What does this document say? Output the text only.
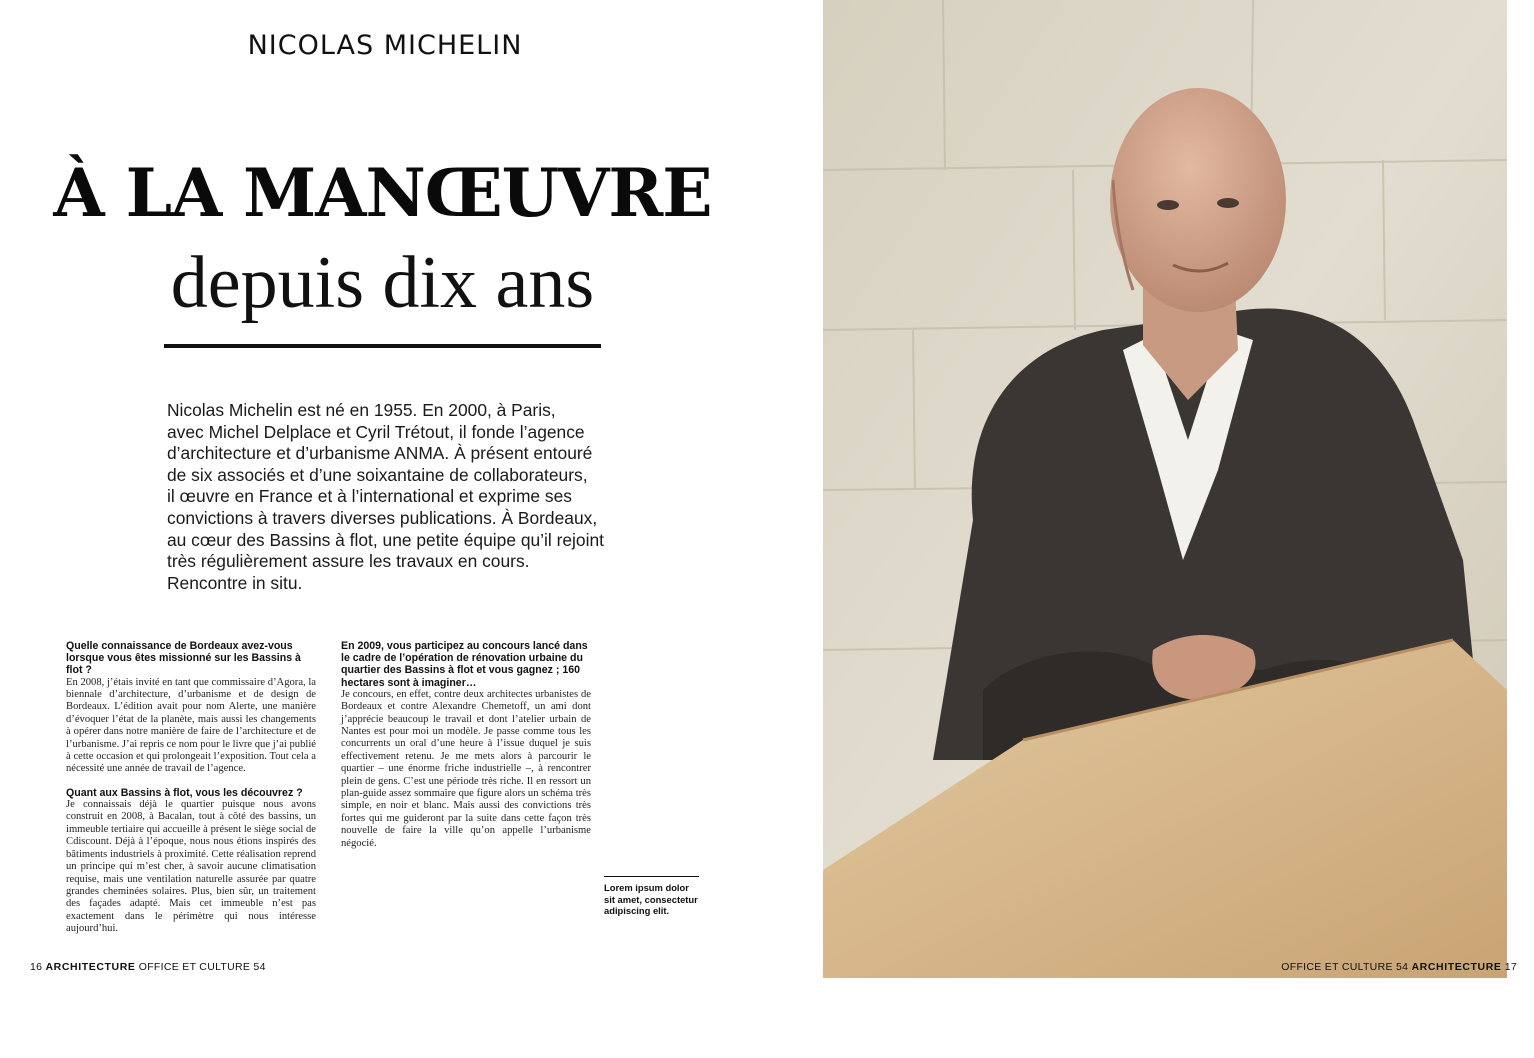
NICOLAS MICHELIN
À LA MANŒUVRE
depuis dix ans
Nicolas Michelin est né en 1955. En 2000, à Paris,
avec Michel Delplace et Cyril Trétout, il fonde l’agence
d’architecture et d’urbanisme ANMA. À présent entouré
de six associés et d’une soixantaine de collaborateurs,
il œuvre en France et à l’international et exprime ses
convictions à travers diverses publications. À Bordeaux,
au cœur des Bassins à flot, une petite équipe qu’il rejoint
très régulièrement assure les travaux en cours.
Rencontre in situ.

Quelle connaissance de Bordeaux avez-vous lorsque vous êtes missionné sur les Bassins à flot ?

En 2008, j’étais invité en tant que commissaire d’Agora, la biennale d’architecture, d’urbanisme et de design de Bordeaux. L’édition avait pour nom Alerte, une manière d’évoquer l’état de la planète, mais aussi les changements à opérer dans notre manière de faire de l’architecture et de l’urbanisme. J’ai repris ce nom pour le livre que j’ai publié à cette occasion et qui prolongeait l’exposition. Tout cela a nécessité une année de travail de l’agence.

Quant aux Bassins à flot, vous les découvrez ?

Je connaissais déjà le quartier puisque nous avons construit en 2008, à Bacalan, tout à côté des bassins, un immeuble tertiaire qui accueille à présent le siège social de Cdiscount. Déjà à l’époque, nous nous étions inspirés des bâtiments industriels à proximité. Cette réalisation reprend un principe qui m’est cher, à savoir aucune climatisation requise, mais une ventilation naturelle assurée par quatre grandes cheminées solaires. Plus, bien sûr, un traitement des façades adapté. Mais cet immeuble n’est pas exactement dans le périmètre qui nous intéresse aujourd’hui.

En 2009, vous participez au concours lancé dans le cadre de l’opération de rénovation urbaine du quartier des Bassins à flot et vous gagnez ; 160 hectares sont à imaginer…

Je concours, en effet, contre deux architectes urbanistes de Bordeaux et contre Alexandre Chemetoff, un ami dont j’apprécie beaucoup le travail et dont l’atelier urbain de Nantes est pour moi un modèle. Je passe comme tous les concurrents un oral d’une heure à l’issue duquel je suis effectivement retenu. Je me mets alors à parcourir le quartier – une énorme friche industrielle –, à rencontrer plein de gens. C’est une période très riche. Il en ressort un plan-guide assez sommaire que figure alors un schéma très simple, en noir et blanc. Mais aussi des convictions très fortes qui me guideront par la suite dans cette façon très nouvelle de faire la ville qu’on appelle l’urbanisme négocié.

Lorem ipsum dolor sit amet, consectetur adipiscing elit.
16 ARCHITECTURE OFFICE ET CULTURE 54	OFFICE ET CULTURE 54 ARCHITECTURE 17
